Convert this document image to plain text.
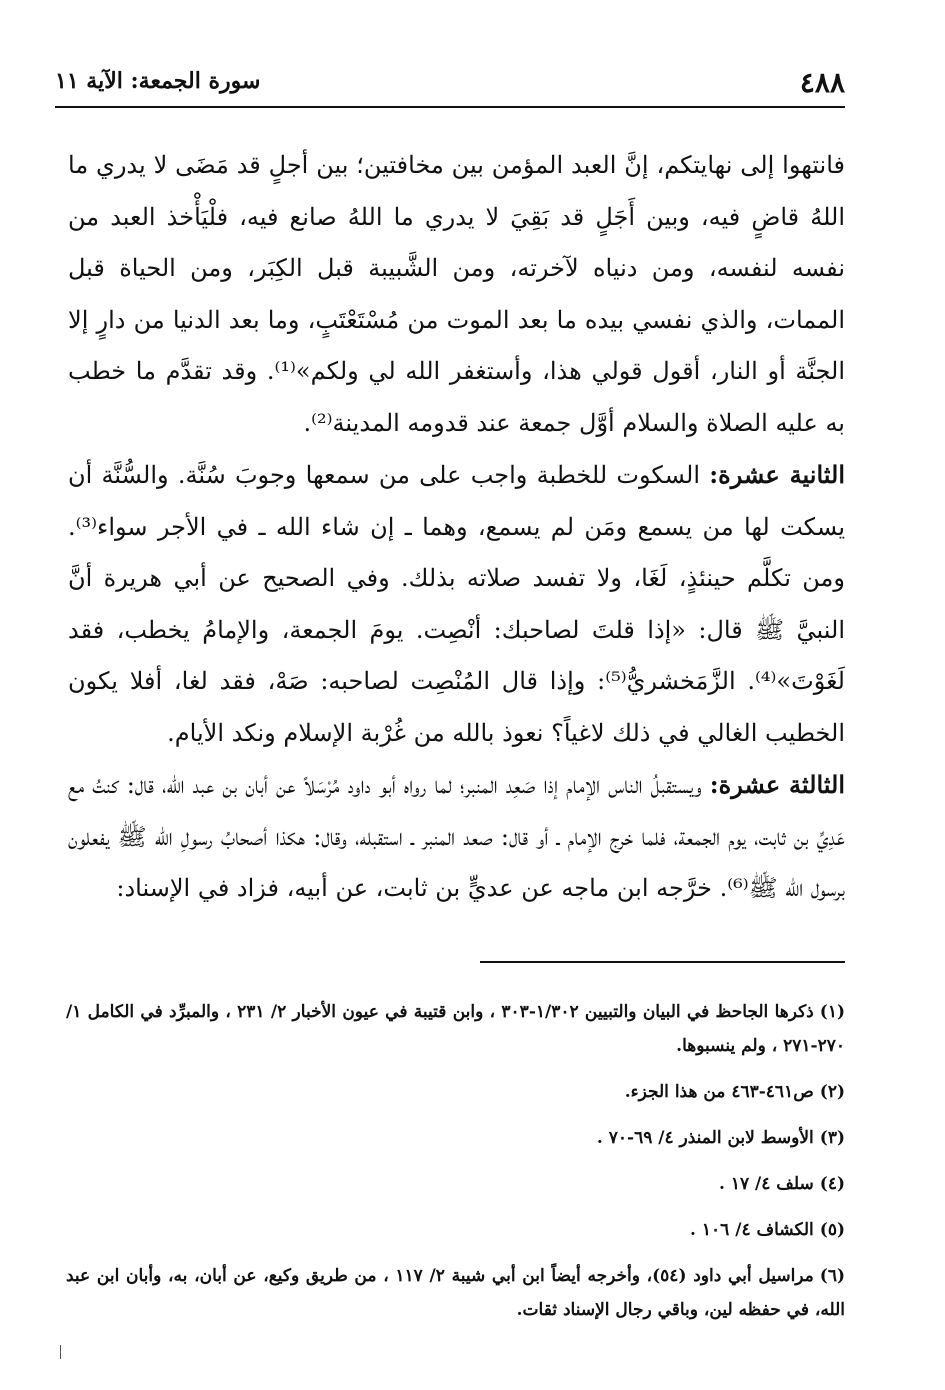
٤٨٨
سورة الجمعة: الآية ١١

فانتهوا إلى نهايتكم، إنَّ العبد المؤمن بين مخافتين؛ بين أجلٍ قد مَضَى لا يدري ما اللهُ قاضٍ فيه، وبين أَجَلٍ قد بَقِيَ لا يدري ما اللهُ صانع فيه، فلْيَأْخذ العبد من نفسه لنفسه، ومن دنياه لآخرته، ومن الشَّبيبة قبل الكِبَر، ومن الحياة قبل الممات، والذي نفسي بيده ما بعد الموت من مُسْتَعْتَبٍ، وما بعد الدنيا من دارٍ إلا الجنَّة أو النار، أقول قولي هذا، وأستغفر الله لي ولكم»⁽¹⁾. وقد تقدَّم ما خطب به عليه الصلاة والسلام أوَّل جمعة عند قدومه المدينة⁽²⁾.

الثانية عشرة: السكوت للخطبة واجب على من سمعها وجوبَ سُنَّة. والسُّنَّة أن يسكت لها من يسمع ومَن لم يسمع، وهما ـ إن شاء الله ـ في الأجر سواء⁽³⁾. ومن تكلَّم حينئذٍ، لَغَا، ولا تفسد صلاته بذلك. وفي الصحيح عن أبي هريرة أنَّ النبيَّ ﷺ قال: «إذا قلتَ لصاحبك: أنْصِت. يومَ الجمعة، والإمامُ يخطب، فقد لَغَوْتَ»⁽⁴⁾. الزَّمَخشريُّ⁽⁵⁾: وإذا قال المُنْصِت لصاحبه: صَهْ، فقد لغا، أفلا يكون الخطيب الغالي في ذلك لاغياً؟ نعوذ بالله من غُرْبة الإسلام ونكد الأيام.

الثالثة عشرة: ويستقبلُ الناس الإمام إذا صَعِد المنبر؛ لما رواه أبو داود مُرْسَلاً عن أبان بن عبد الله، قال: كنتُ مع عَدِيِّ بن ثابت، يوم الجمعة، فلما خرج الإمام ـ أو قال: صعد المنبر ـ استقبله، وقال: هكذا أصحابُ رسولِ الله ﷺ يفعلون برسول الله ﷺ⁽⁶⁾. خرَّجه ابن ماجه عن عديٍّ بن ثابت، عن أبيه، فزاد في الإسناد:

(١)ذكرها الجاحظ في البيان والتبيين ١/٣٠٢-٣٠٣ ، وابن قتيبة في عيون الأخبار ٢/ ٢٣١ ، والمبرِّد في الكامل ١/ ٢٧٠-٢٧١ ، ولم ينسبوها.

(٢)ص٤٦١-٤٦٣ من هذا الجزء.

(٣)الأوسط لابن المنذر ٤/ ٦٩-٧٠ .

(٤)سلف ٤/ ١٧ .

(٥)الكشاف ٤/ ١٠٦ .

(٦)مراسيل أبي داود (٥٤)، وأخرجه أيضاً ابن أبي شيبة ٢/ ١١٧ ، من طريق وكيع، عن أبان، به، وأبان ابن عبد الله، في حفظه لين، وباقي رجال الإسناد ثقات.
